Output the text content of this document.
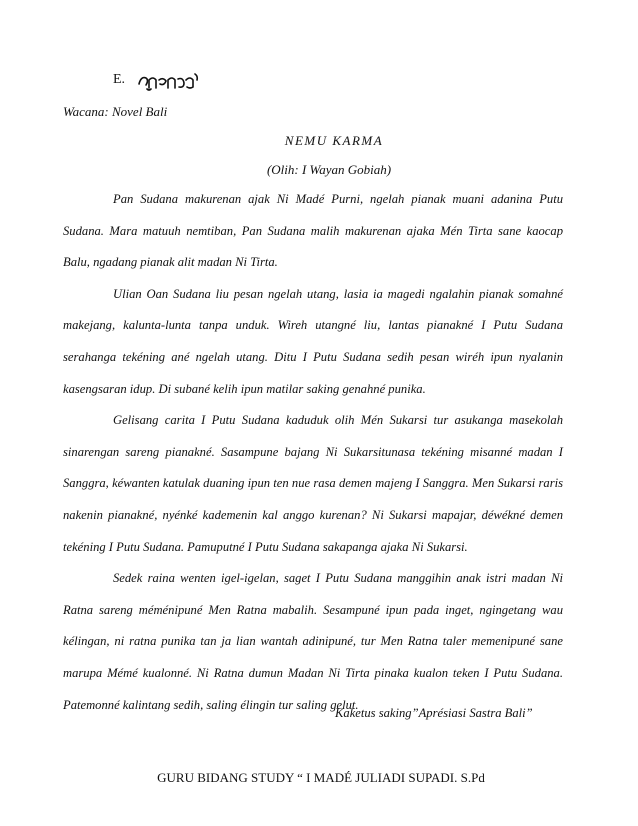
E.
Wacana: Novel Bali
NEMU KARMA
(Olih: I Wayan Gobiah)

Pan Sudana makurenan ajak Ni Madé Purni, ngelah pianak muani adanina Putu Sudana. Mara matuuh nemtiban, Pan Sudana malih makurenan ajaka Mén Tirta sane kaocap Balu, ngadang pianak alit madan Ni Tirta.

Ulian Oan Sudana liu pesan ngelah utang, lasia ia magedi ngalahin pianak somahné makejang, kalunta-lunta tanpa unduk. Wireh utangné liu, lantas pianakné I Putu Sudana serahanga tekéning ané ngelah utang. Ditu I Putu Sudana sedih pesan wiréh ipun nyalanin kasengsaran idup. Di subané kelih ipun matilar saking genahné punika.

Gelisang carita I Putu Sudana kaduduk olih Mén Sukarsi tur asukanga masekolah sinarengan sareng pianakné. Sasampune bajang Ni Sukarsitunasa tekéning misanné madan I Sanggra, kéwanten katulak duaning ipun ten nue rasa demen majeng I Sanggra. Men Sukarsi raris nakenin pianakné, nyénké kademenin kal anggo kurenan? Ni Sukarsi mapajar, déwékné demen tekéning I Putu Sudana. Pamuputné I Putu Sudana sakapanga ajaka Ni Sukarsi.

Sedek raina wenten igel-igelan, saget I Putu Sudana manggihin anak istri madan Ni Ratna sareng méménipuné Men Ratna mabalih. Sesampuné ipun pada inget, ngingetang wau kélingan, ni ratna punika tan ja lian wantah adinipuné, tur Men Ratna taler memenipuné sane marupa Mémé kualonné. Ni Ratna dumun Madan Ni Tirta pinaka kualon teken I Putu Sudana. Patemonné kalintang sedih, saling élingin tur saling gelut.

Kaketus saking”Aprésiasi Sastra Bali”
GURU BIDANG STUDY “ I MADÉ JULIADI SUPADI. S.Pd
